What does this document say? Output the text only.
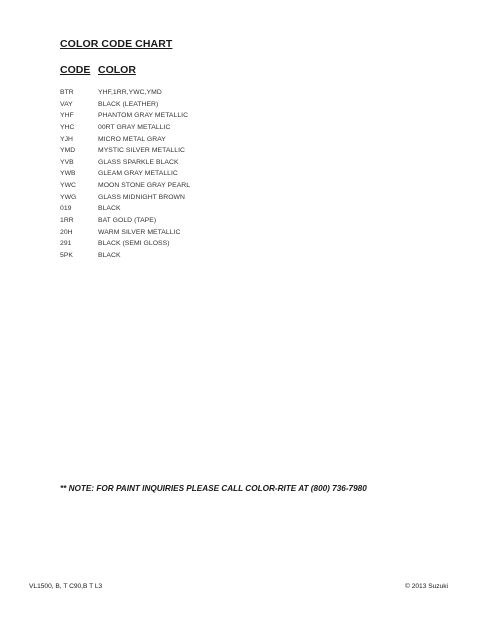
COLOR CODE CHART
CODE COLOR
BTR	YHF,1RR,YWC,YMD
VAY	BLACK (LEATHER)
YHF	PHANTOM GRAY METALLIC
YHC	00RT GRAY METALLIC
YJH	MICRO METAL GRAY
YMD	MYSTIC SILVER METALLIC
YVB	GLASS SPARKLE BLACK
YWB	GLEAM GRAY METALLIC
YWC	MOON STONE GRAY PEARL
YWG	GLASS MIDNIGHT BROWN
019	BLACK
1RR	BAT GOLD (TAPE)
20H	WARM SILVER METALLIC
291	BLACK (SEMI GLOSS)
5PK	BLACK
** NOTE: FOR PAINT INQUIRIES PLEASE CALL COLOR-RITE AT (800) 736-7980
VL1500, B, T C90,B T L3	© 2013 Suzuki
